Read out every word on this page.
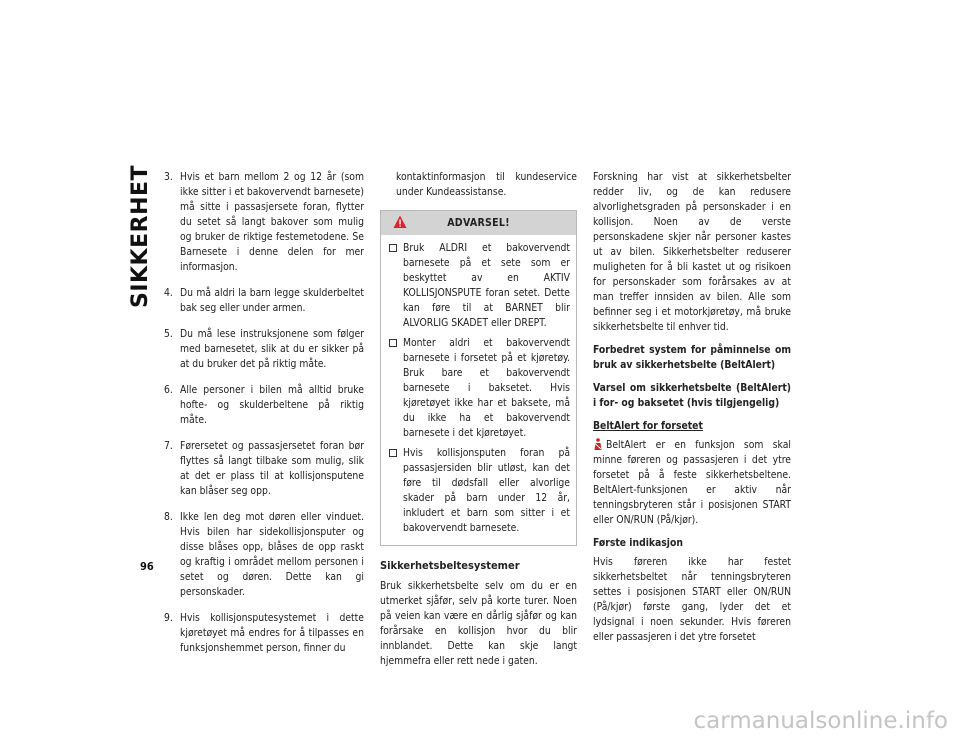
SIKKERHET
96
3. Hvis et barn mellom 2 og 12 år (som ikke sitter i et bakovervendt barnesete) må sitte i passasjersete foran, flytter du setet så langt bakover som mulig og bruker de riktige festemetodene. Se Barnesete i denne delen for mer informasjon.
4. Du må aldri la barn legge skulderbeltet bak seg eller under armen.
5. Du må lese instruksjonene som følger med barnesetet, slik at du er sikker på at du bruker det på riktig måte.
6. Alle personer i bilen må alltid bruke hofte- og skulderbeltene på riktig måte.
7. Førersetet og passasjersetet foran bør flyttes så langt tilbake som mulig, slik at det er plass til at kollisjonsputene kan blåser seg opp.
8. Ikke len deg mot døren eller vinduet. Hvis bilen har sidekollisjonsputer og disse blåses opp, blåses de opp raskt og kraftig i området mellom personen i setet og døren. Dette kan gi personskader.
9. Hvis kollisjonsputesystemet i dette kjøretøyet må endres for å tilpasses en funksjonshemmet person, finner du

kontaktinformasjon til kundeservice under Kundeassistanse.

ADVARSEL!
Bruk ALDRI et bakovervendt barnesete på et sete som er beskyttet av en AKTIV KOLLISJONSPUTE foran setet. Dette kan føre til at BARNET blir ALVORLIG SKADET eller DREPT.
Monter aldri et bakovervendt barnesete i forsetet på et kjøretøy. Bruk bare et bakovervendt barnesete i baksetet. Hvis kjøretøyet ikke har et baksete, må du ikke ha et bakovervendt barnesete i det kjøretøyet.
Hvis kollisjonsputen foran på passasjersiden blir utløst, kan det føre til dødsfall eller alvorlige skader på barn under 12 år, inkludert et barn som sitter i et bakovervendt barnesete.
Sikkerhetsbeltesystemer

Bruk sikkerhetsbelte selv om du er en utmerket sjåfør, selv på korte turer. Noen på veien kan være en dårlig sjåfør og kan forårsake en kollisjon hvor du blir innblandet. Dette kan skje langt hjemmefra eller rett nede i gaten.

Forskning har vist at sikkerhetsbelter redder liv, og de kan redusere alvorlighetsgraden på personskader i en kollisjon. Noen av de verste personskadene skjer når personer kastes ut av bilen. Sikkerhetsbelter reduserer muligheten for å bli kastet ut og risikoen for personskader som forårsakes av at man treffer innsiden av bilen. Alle som befinner seg i et motorkjøretøy, må bruke sikkerhetsbelte til enhver tid.

Forbedret system for påminnelse om bruk av sikkerhetsbelte (BeltAlert)
Varsel om sikkerhetsbelte (BeltAlert) i for- og baksetet (hvis tilgjengelig)
BeltAlert for forsetet

BeltAlert er en funksjon som skal minne føreren og passasjeren i det ytre forsetet på å feste sikkerhetsbeltene. BeltAlert-funksjonen er aktiv når tenningsbryteren står i posisjonen START eller ON/RUN (På/kjør).

Første indikasjon

Hvis føreren ikke har festet sikkerhetsbeltet når tenningsbryteren settes i posisjonen START eller ON/RUN (På/kjør) første gang, lyder det et lydsignal i noen sekunder. Hvis føreren eller passasjeren i det ytre forsetet

carmanualsonline.info
